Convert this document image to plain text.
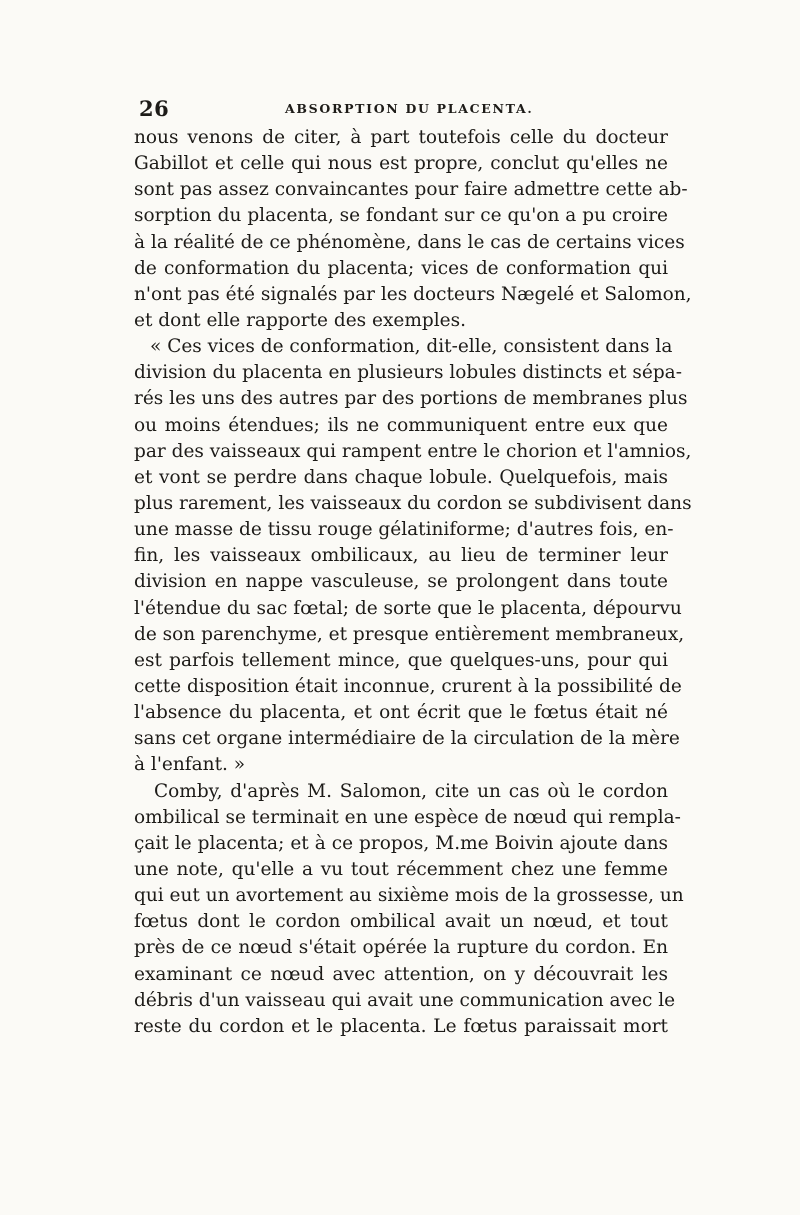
26	ABSORPTION DU PLACENTA.
nous venons de citer, à part toutefois celle du docteur
Gabillot et celle qui nous est propre, conclut qu'elles ne
sont pas assez convaincantes pour faire admettre cette ab-
sorption du placenta, se fondant sur ce qu'on a pu croire
à la réalité de ce phénomène, dans le cas de certains vices
de conformation du placenta; vices de conformation qui
n'ont pas été signalés par les docteurs Nægelé et Salomon,
et dont elle rapporte des exemples.
« Ces vices de conformation, dit-elle, consistent dans la
division du placenta en plusieurs lobules distincts et sépa-
rés les uns des autres par des portions de membranes plus
ou moins étendues; ils ne communiquent entre eux que
par des vaisseaux qui rampent entre le chorion et l'amnios,
et vont se perdre dans chaque lobule. Quelquefois, mais
plus rarement, les vaisseaux du cordon se subdivisent dans
une masse de tissu rouge gélatiniforme; d'autres fois, en-
fin, les vaisseaux ombilicaux, au lieu de terminer leur
division en nappe vasculeuse, se prolongent dans toute
l'étendue du sac fœtal; de sorte que le placenta, dépourvu
de son parenchyme, et presque entièrement membraneux,
est parfois tellement mince, que quelques-uns, pour qui
cette disposition était inconnue, crurent à la possibilité de
l'absence du placenta, et ont écrit que le fœtus était né
sans cet organe intermédiaire de la circulation de la mère
à l'enfant. »
Comby, d'après M. Salomon, cite un cas où le cordon
ombilical se terminait en une espèce de nœud qui rempla-
çait le placenta; et à ce propos, M.me Boivin ajoute dans
une note, qu'elle a vu tout récemment chez une femme
qui eut un avortement au sixième mois de la grossesse, un
fœtus dont le cordon ombilical avait un nœud, et tout
près de ce nœud s'était opérée la rupture du cordon. En
examinant ce nœud avec attention, on y découvrait les
débris d'un vaisseau qui avait une communication avec le
reste du cordon et le placenta. Le fœtus paraissait mort
